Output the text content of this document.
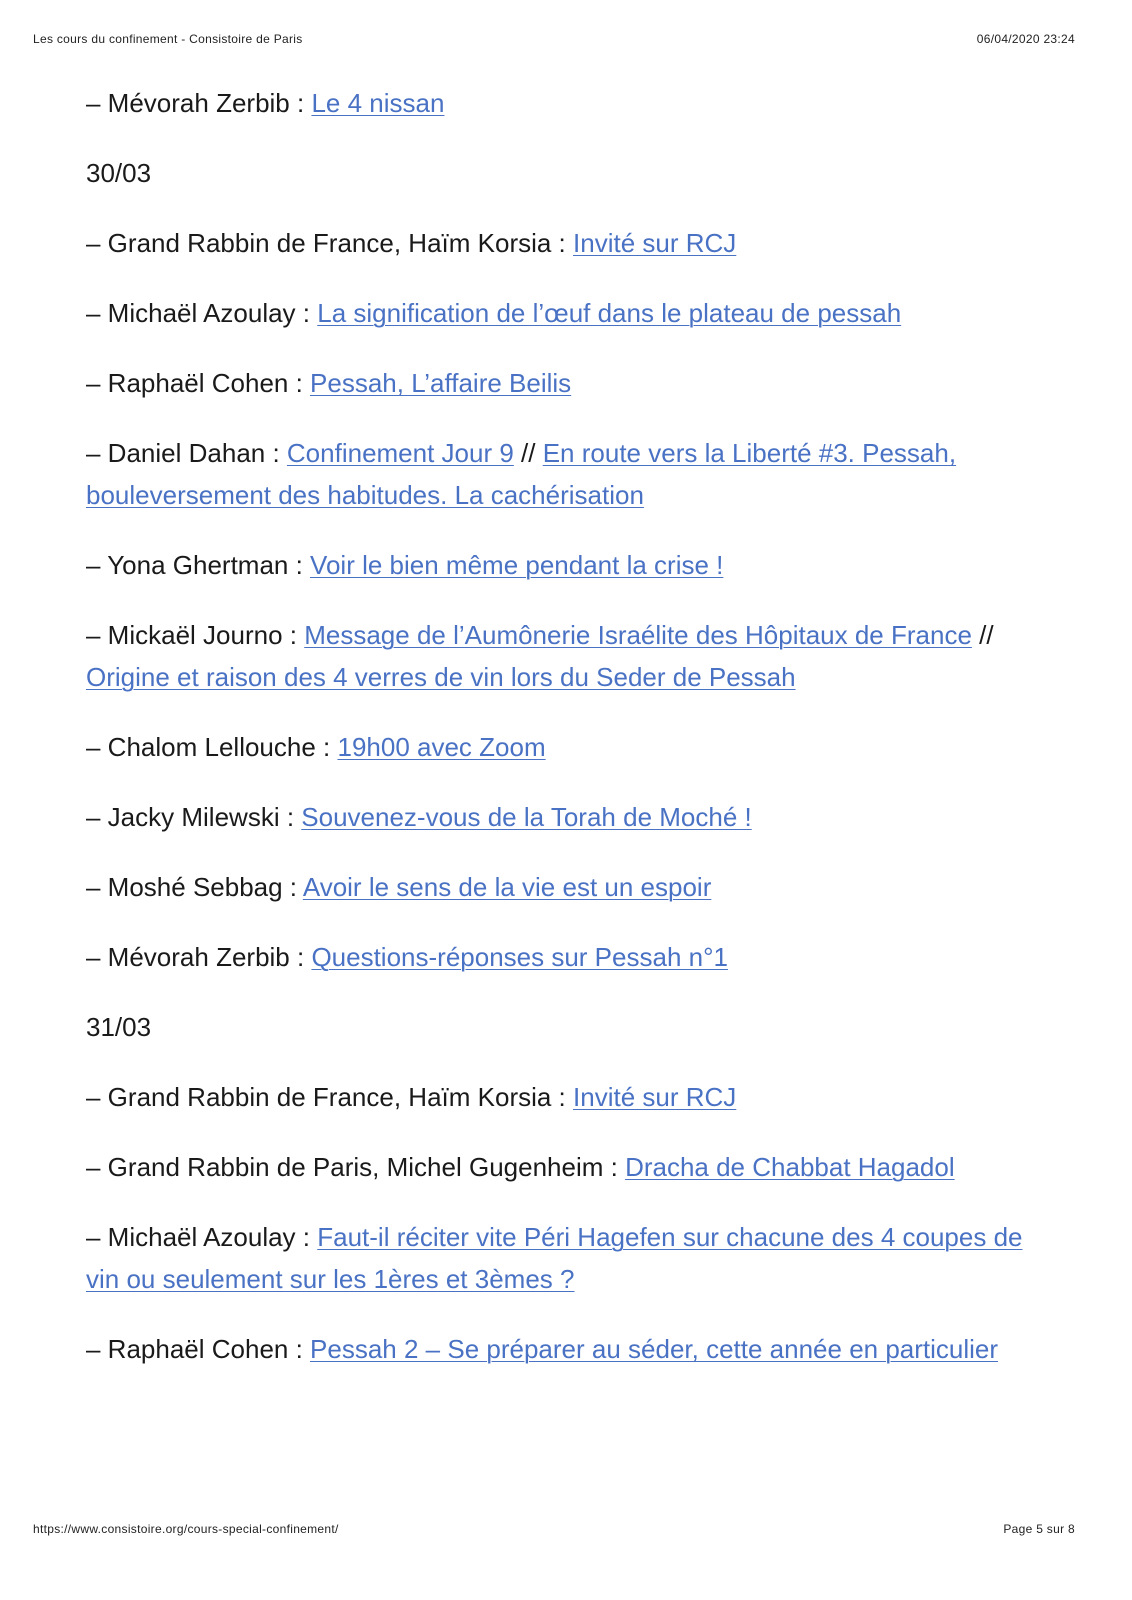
Les cours du confinement - Consistoire de Paris	06/04/2020 23:24

– Mévorah Zerbib : Le 4 nissan

30/03

– Grand Rabbin de France, Haïm Korsia : Invité sur RCJ

– Michaël Azoulay : La signification de l’œuf dans le plateau de pessah

– Raphaël Cohen : Pessah, L’affaire Beilis

– Daniel Dahan : Confinement Jour 9 // En route vers la Liberté #3. Pessah, bouleversement des habitudes. La cachérisation

– Yona Ghertman : Voir le bien même pendant la crise !

– Mickaël Journo : Message de l’Aumônerie Israélite des Hôpitaux de France // Origine et raison des 4 verres de vin lors du Seder de Pessah

– Chalom Lellouche : 19h00 avec Zoom

– Jacky Milewski : Souvenez-vous de la Torah de Moché !

– Moshé Sebbag : Avoir le sens de la vie est un espoir

– Mévorah Zerbib : Questions-réponses sur Pessah n°1

31/03

– Grand Rabbin de France, Haïm Korsia : Invité sur RCJ

– Grand Rabbin de Paris, Michel Gugenheim : Dracha de Chabbat Hagadol

– Michaël Azoulay : Faut-il réciter vite Péri Hagefen sur chacune des 4 coupes de vin ou seulement sur les 1ères et 3èmes ?

– Raphaël Cohen : Pessah 2 – Se préparer au séder, cette année en particulier

https://www.consistoire.org/cours-special-confinement/	Page 5 sur 8
